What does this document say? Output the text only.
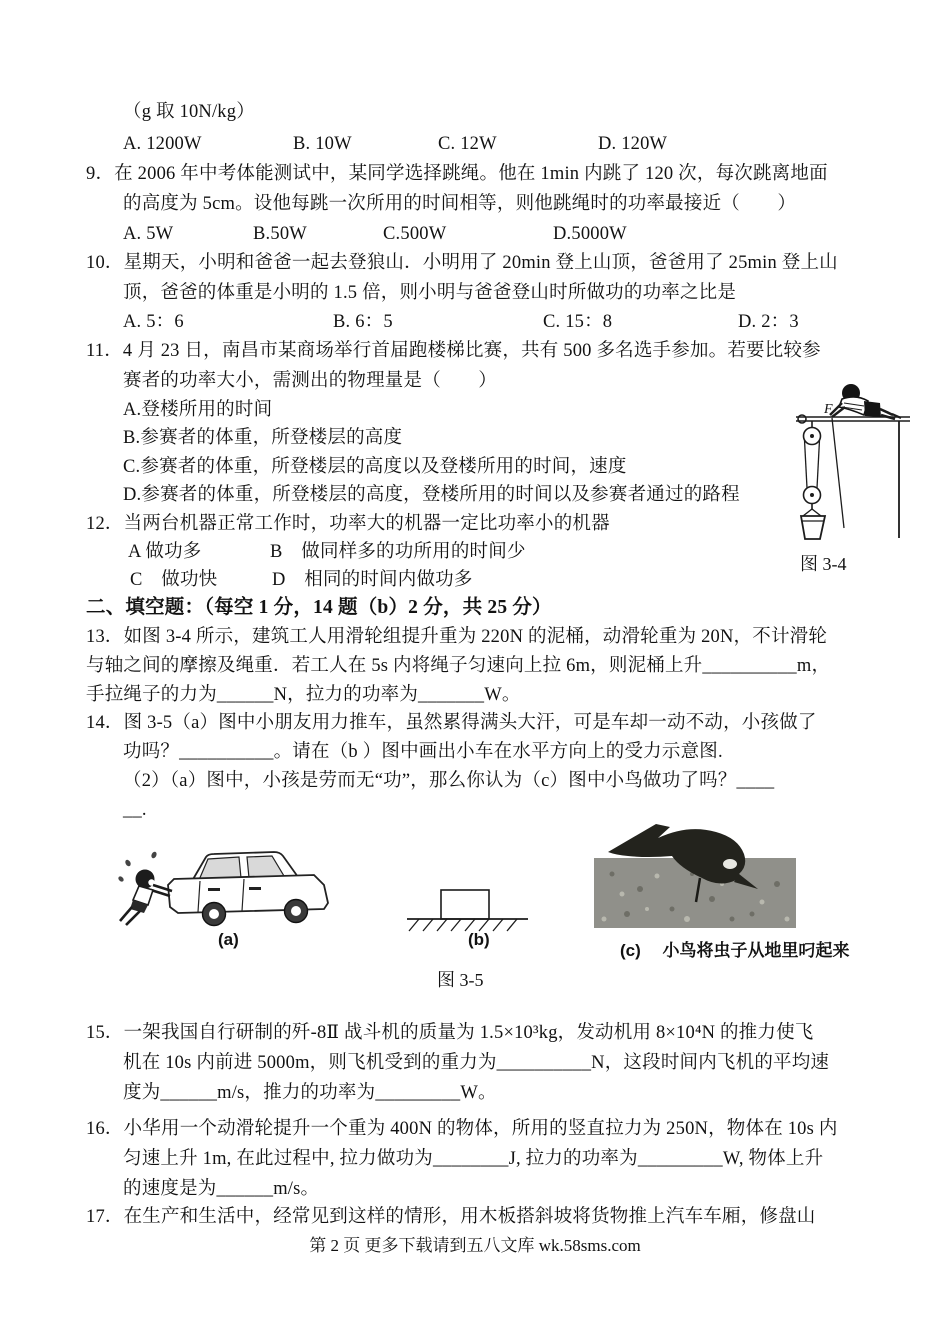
（g 取 10N/kg）
A. 1200W	B. 10W	C. 12W	D. 120W
9．在 2006 年中考体能测试中，某同学选择跳绳。他在 1min 内跳了 120 次，每次跳离地面
的高度为 5cm。设他每跳一次所用的时间相等，则他跳绳时的功率最接近（　　）
A. 5W	B.50W	C.500W	D.5000W
10．星期天，小明和爸爸一起去登狼山．小明用了 20min 登上山顶，爸爸用了 25min 登上山
顶，爸爸的体重是小明的 1.5 倍，则小明与爸爸登山时所做功的功率之比是
A. 5：6	B. 6：5	C. 15：8	D. 2：3
11．4 月 23 日，南昌市某商场举行首届跑楼梯比赛，共有 500 多名选手参加。若要比较参
赛者的功率大小，需测出的物理量是（　　）
A.登楼所用的时间
B.参赛者的体重，所登楼层的高度
C.参赛者的体重，所登楼层的高度以及登楼所用的时间，速度
D.参赛者的体重，所登楼层的高度，登楼所用的时间以及参赛者通过的路程
12．当两台机器正常工作时，功率大的机器一定比功率小的机器
A 做功多	B　做同样多的功所用的时间少
C　做功快	D　相同的时间内做功多
二、填空题：（每空 1 分，14 题（b）2 分，共 25 分）
13．如图 3-4 所示，建筑工人用滑轮组提升重为 220N 的泥桶，动滑轮重为 20N，不计滑轮
与轴之间的摩擦及绳重．若工人在 5s 内将绳子匀速向上拉 6m，则泥桶上升__________m，
手拉绳子的力为______N，拉力的功率为_______W。
14．图 3-5（a）图中小朋友用力推车，虽然累得满头大汗，可是车却一动不动，小孩做了
功吗？__________。请在（b ）图中画出小车在水平方向上的受力示意图.
（2）（a）图中，小孩是劳而无“功”，那么你认为（c）图中小鸟做功了吗？____
__.
F
图 3-4
(a)	(b)
(c)　 小鸟将虫子从地里叼起来
图 3-5
15．一架我国自行研制的歼-8Ⅱ 战斗机的质量为 1.5×10³kg，发动机用 8×10⁴N 的推力使飞
机在 10s 内前进 5000m，则飞机受到的重力为__________N，这段时间内飞机的平均速
度为______m/s，推力的功率为_________W。
16．小华用一个动滑轮提升一个重为 400N 的物体，所用的竖直拉力为 250N，物体在 10s 内
匀速上升 1m, 在此过程中, 拉力做功为________J, 拉力的功率为_________W, 物体上升
的速度是为______m/s。
17．在生产和生活中，经常见到这样的情形，用木板搭斜坡将货物推上汽车车厢，修盘山
第 2 页 更多下载请到五八文库 wk.58sms.com
